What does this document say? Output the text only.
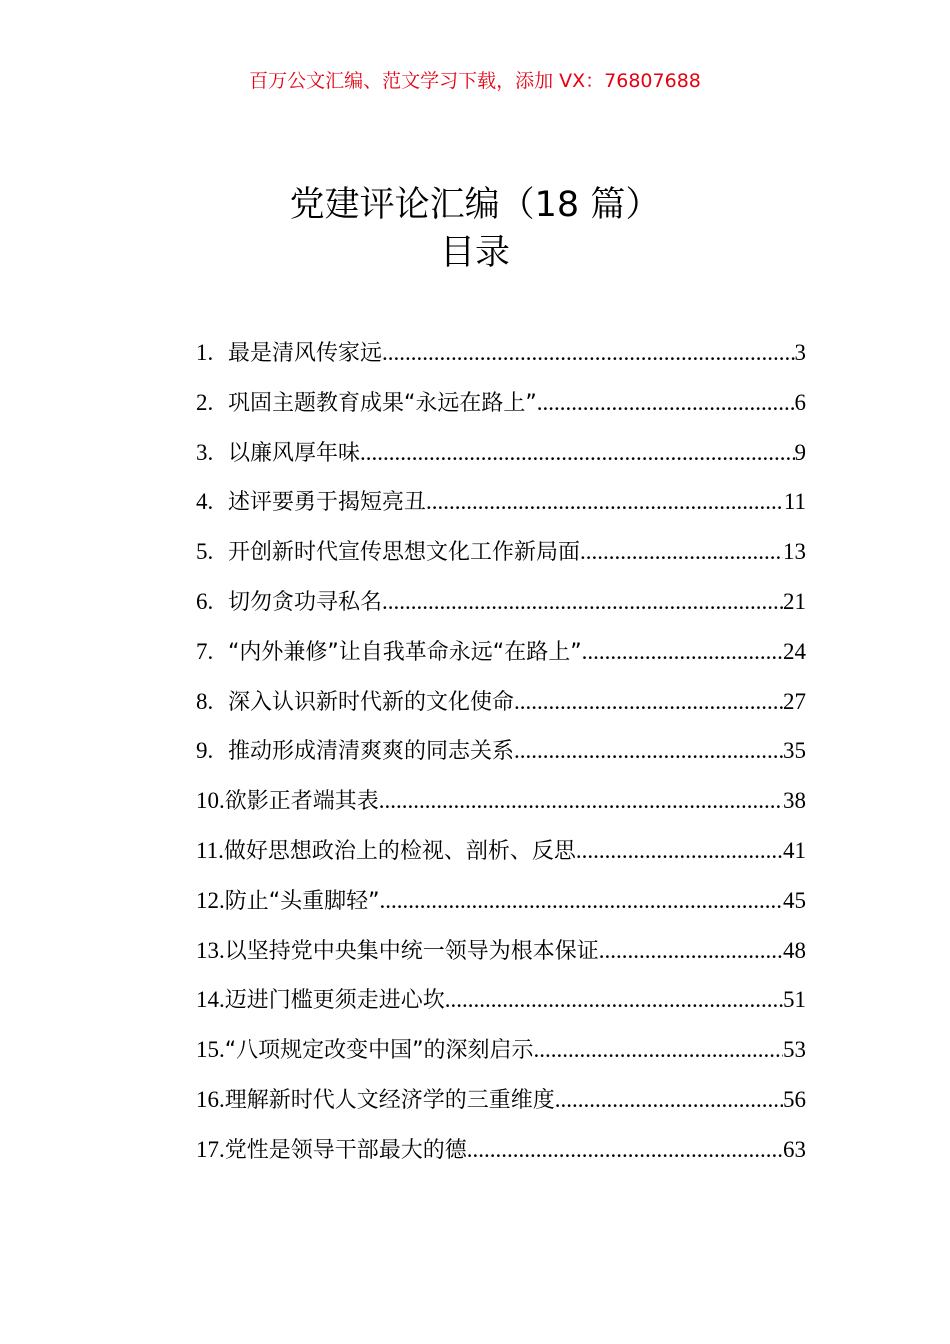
百万公文汇编、范文学习下载，添加 VX：76807688
党建评论汇编（18 篇）
目录
1. 最是清风传家远 .....	3
2. 巩固主题教育成果“永远在路上” .....	6
3. 以廉风厚年味 .....	9
4. 述评要勇于揭短亮丑 .....	11
5. 开创新时代宣传思想文化工作新局面 .....	13
6. 切勿贪功寻私名 .....	21
7. “内外兼修”让自我革命永远“在路上” .....	24
8. 深入认识新时代新的文化使命 .....	27
9. 推动形成清清爽爽的同志关系 .....	35
10. 欲影正者端其表 .....	38
11. 做好思想政治上的检视、剖析、反思 .....	41
12. 防止“头重脚轻” .....	45
13. 以坚持党中央集中统一领导为根本保证 .....	48
14. 迈进门槛更须走进心坎 .....	51
15. “八项规定改变中国”的深刻启示 .....	53
16. 理解新时代人文经济学的三重维度 .....	56
17. 党性是领导干部最大的德 .....	63
